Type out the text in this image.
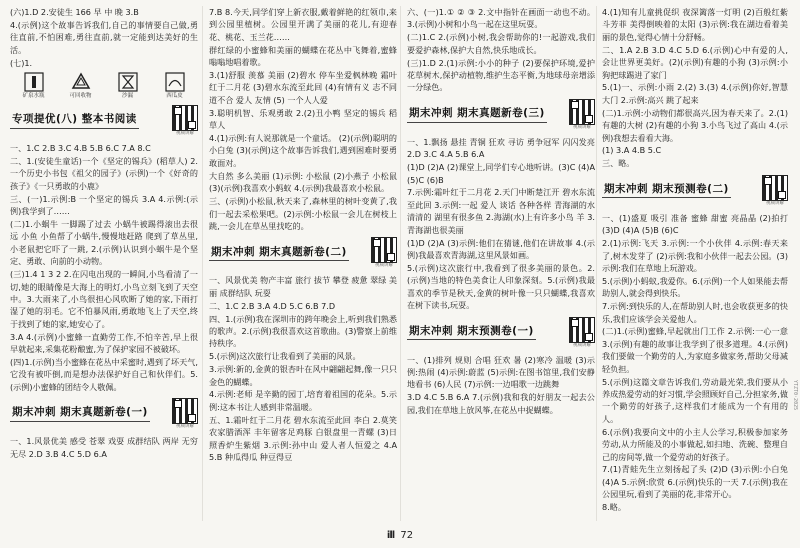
(六)1.D 2.安徒生 166 早 中 晚 3.B

4.(示例)这个故事告诉我们,自己的事情要自己做,勇往直前,不怕困难,勇往直前,就一定能到达美好的生活。

(七)1.

矿泉水瓶	可回收物	沙漏	西瓜皮
专项提优(八) 整本书阅读
视频讲解

一、1.C 2.B 3.C 4.B 5.B 6.C 7.A 8.C

二、1.(安徒生童话)一个《坚定的锡兵》(稻草人) 2.一个历史小书包《祖父的园子》(示例)一个《好奇的孩子》《一只勇敢的小鹿》

三、(一)1.示例:B 一个坚定的锡兵 3.A 4.示例:(示例)我学到了……

(二)1.小蜗牛 一脚踢了过去 小蜗牛被踢得滚出去很远 小鱼 小鱼帮了小蜗牛,慢慢地赶路 爬到了草丛里,小老鼠把它吓了一跳, 2.(示例)认识到小蜗牛是个坚定、勇敢、向前的小动物。

(三)1.4 1 3 2 2.在闪电出现的一瞬间,小鸟看清了一切,她的眼睛像是大海上的明灯,小鸟立刻飞到了天空中。3.大雨来了,小鸟很担心风吹断了她的家,下雨打湿了她的羽毛。它不怕暴风雨,勇敢地飞上了天空,终于找到了她的家,她安心了。

3.A 4.(示例)小蜜蜂一直勤劳工作,不怕辛苦,早上很早就起来,采集花粉酿蜜,为了保护家园不被破坏。

(四)1.(示例)当小蜜蜂在花丛中采蜜时,遇到了坏天气,它没有被吓倒,而是想办法保护好自己和伙伴们。5.(示例)小蜜蜂的团结令人敬佩。

期末冲刺 期末真题新卷(一)
视频讲解

一、1.风景优美 感受 苍翠 戏耍 成群结队 两岸 无穷无尽 2.D 3.B 4.C 5.D 6.A

7.B 8.今天,同学们穿上新衣服,戴着鲜艳的红领巾,来到公园里植树。公园里开满了美丽的花儿,有迎春花、桃花、玉兰花……

群红绿的小蜜蜂和美丽的蝴蝶在花丛中飞舞着,蜜蜂嗡嗡地唱着歌。

3.(1)舒服 羡慕 美丽 (2)碧水 停车坐爱枫林晚 霜叶红于二月花 (3)碧水东流至此回 (4)有情有义 志不同道不合 爱人 友情 (5) 一个人人爱

3.聪明机智、乐观勇敢 2.(2)丑小鸭 坚定的锡兵 稻草人

4.(1)示例:有人说那就是一个童话。 (2)(示例)聪明的小白兔 (3)(示例)这个故事告诉我们,遇到困难时要勇敢面对。

大自然 多么美丽 (1)示例: 小松鼠 (2)小燕子 小松鼠 (3)(示例)我喜欢小蚂蚁 4.(示例)我最喜欢小松鼠。

三、(示例)小松鼠,秋天来了,森林里的树叶变黄了,我们一起去采松果吧。(2)示例:小松鼠一会儿在树枝上跳,一会儿在草丛里找吃的。

期末冲刺 期末真题新卷(二)
视频讲解

一、风景优美 物产丰富 旅行 拔节 攀登 疲惫 翠绿 美丽 成群结队 玩耍

二、1.C 2.B 3.A 4.D 5.C 6.B 7.D

四、1.(示例)我在深圳市的跨年晚会上,听到我们熟悉的歌声。2.(示例)我很喜欢这首歌曲。(3)警察上前维持秩序。

5.(示例)这次旅行让我看到了美丽的风景。

3.示例:新的,金黄的银杏叶在风中翩翩起舞,像一只只金色的蝴蝶。

4.示例:老师 是辛勤的园丁,培育着祖国的花朵。5.示例:这本书让人感到非常温暖。

五、1.霜叶红于二月花 碧水东流至此回 李白 2.莫笑农家腊酒浑 丰年留客足鸡豚 白银盘里一青螺 (3)日照香炉生紫烟 3.示例:孙中山 爱人者人恒爱之 4.A 5.B 种瓜得瓜 种豆得豆

六、(一)1.① ② ③ 2.文中指针在画面一动也不动。3.(示例)小树和小鸟一起在这里玩耍。

(二)1.C 2.(示例)小树,我会帮助你的!一起游戏,我们要爱护森林,保护大自然,快乐地成长。

(三)1.D 2.(1)示例:小小的种子 (2)要保护环境,爱护花草树木,保护动植物,维护生态平衡,为地球母亲增添一分绿色。

期末冲刺 期末真题新卷(三)
视频讲解

一、1.飘扬 悬挂 青铜 狂欢 寻访 勇争冠军 闪闪发亮 2.D 3.C 4.A 5.B 6.A

(1)D (2)A (2)课堂上,同学们专心地听讲。(3)C (4)A (5)C (6)B

7.示例:霜叶红于二月花 2.天门中断楚江开 碧水东流至此回 3.示例:一起 爱人 谈话 各种各样 青海湖的水清清的 湖里有很多鱼 2.海湖(水)上有许多小鸟 羊 3.青海湖也很美丽

(1)D (2)A (3)示例:他们在猜谜,他们在讲故事 4.(示例)我最喜欢青海湖,这里风景如画。

5.(示例)这次旅行中,我看到了很多美丽的景色。2.(示例)当地的特色美食让人印象深刻。5.(示例)我最喜欢的季节是秋天,金黄的树叶像一只只蝴蝶,我喜欢在树下读书,玩耍。

期末冲刺 期末预测卷(一)
视频讲解

一、(1)排列 规则 合唱 狂欢 暑 (2)寒冷 温暖 (3)示例:热闹 (4)示例:蔚蓝 (5)示例:在图书馆里,我们安静地看书 (6)人民 (7)示例:一边唱歌一边跳舞

3.D 4.C 5.B 6.A 7.(示例)我和我的好朋友一起去公园,我们在草地上放风筝,在花丛中捉蝴蝶。

4.(1)知有儿童挑促织 夜深篱落一灯明 (2)百般红紫斗芳菲 美得倒映着的太阳 (3)示例:我在湖边看着美丽的景色,觉得心情十分舒畅。

二、1.A 2.B 3.D 4.C 5.D 6.(示例)心中有爱的人,会让世界更美好。(2)(示例)有趣的小狗 (3)示例:小狗把球踢进了家门

5.(1)一、示例:小雨 2.(2) 3.(3) 4.(示例)你好,智慧大门 2.示例:高兴 跳了起来

(二)1.示例:小动物们都很高兴,因为春天来了。2.(1)有趣的大树 (2)有趣的小狗 3.小鸟飞过了高山 4.(示例)我想去看看大海。

(1) 3.A 4.B 5.C

三、略。

期末冲刺 期末预测卷(二)
视频讲解

一、(1)盛夏 吸引 准备 蜜蜂 甜蜜 亮晶晶 (2)拍打 (3)D (4)A (5)B (6)C

2.(1)示例:飞天 3.示例:一个小伙伴 4.示例:春天来了,树木发芽了 (2)示例:我和小伙伴一起去公园。(3)示例:我们在草地上玩游戏。

5.(示例)小蚂蚁,我爱你。6.(示例)一个人如果能去帮助别人,就会得到快乐。

7.示例:到快乐的人,在帮助别人时,也会收获更多的快乐,我们应该学会关爱他人。

(二)1.(示例)蜜蜂,早起就出门工作 2.示例:一心一意 3.(示例)有趣的故事让我学到了很多道理。4.(示例)我们要做一个勤劳的人,为家庭多做家务,帮助父母减轻负担。

5.(示例)这篇文章告诉我们,劳动最光荣,我们要从小养成热爱劳动的好习惯,学会照顾好自己,分担家务,做一个勤劳的好孩子,这样我们才能成为一个有用的人。

6.(示例)我要向文中的小主人公学习,积极参加家务劳动,从力所能及的小事做起,如扫地、洗碗、整理自己的房间等,做一个爱劳动的好孩子。

7.(1)青蛙先生立刻扬起了头 (2)D (3)示例:小白兔 (4)A 5.示例:欣赏 6.(示例)快乐的一天 7.(示例)我在公园里玩,看到了美丽的花,非常开心。

8.略。

ill 72
YTZT0·2025
